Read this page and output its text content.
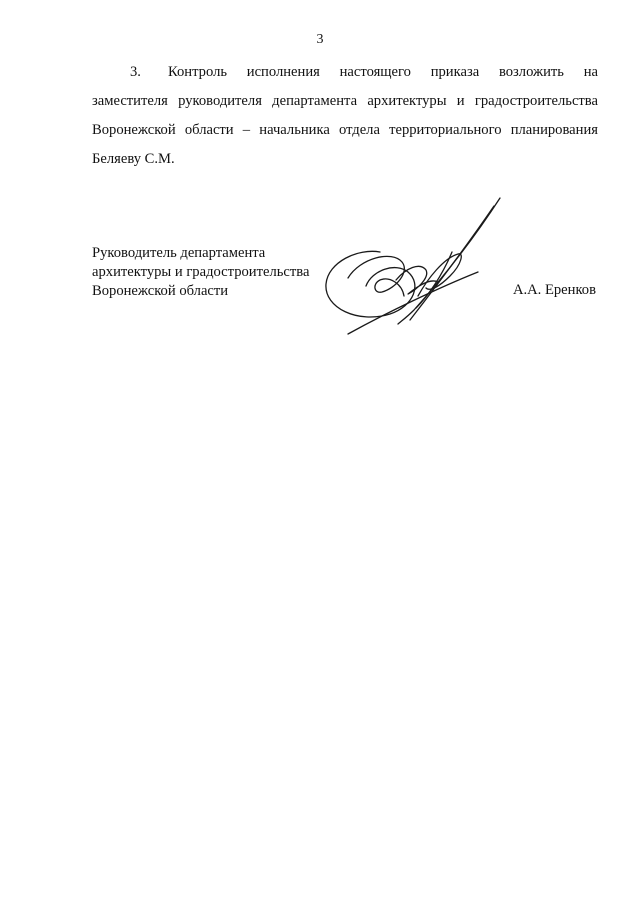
3
3. Контроль исполнения настоящего приказа возложить на
заместителя руководителя департамента архитектуры и градостроительства
Воронежской области – начальника отдела территориального планирования
Беляеву С.М.
Руководитель департамента
архитектуры и градостроительства
Воронежской области	А.А. Еренков
